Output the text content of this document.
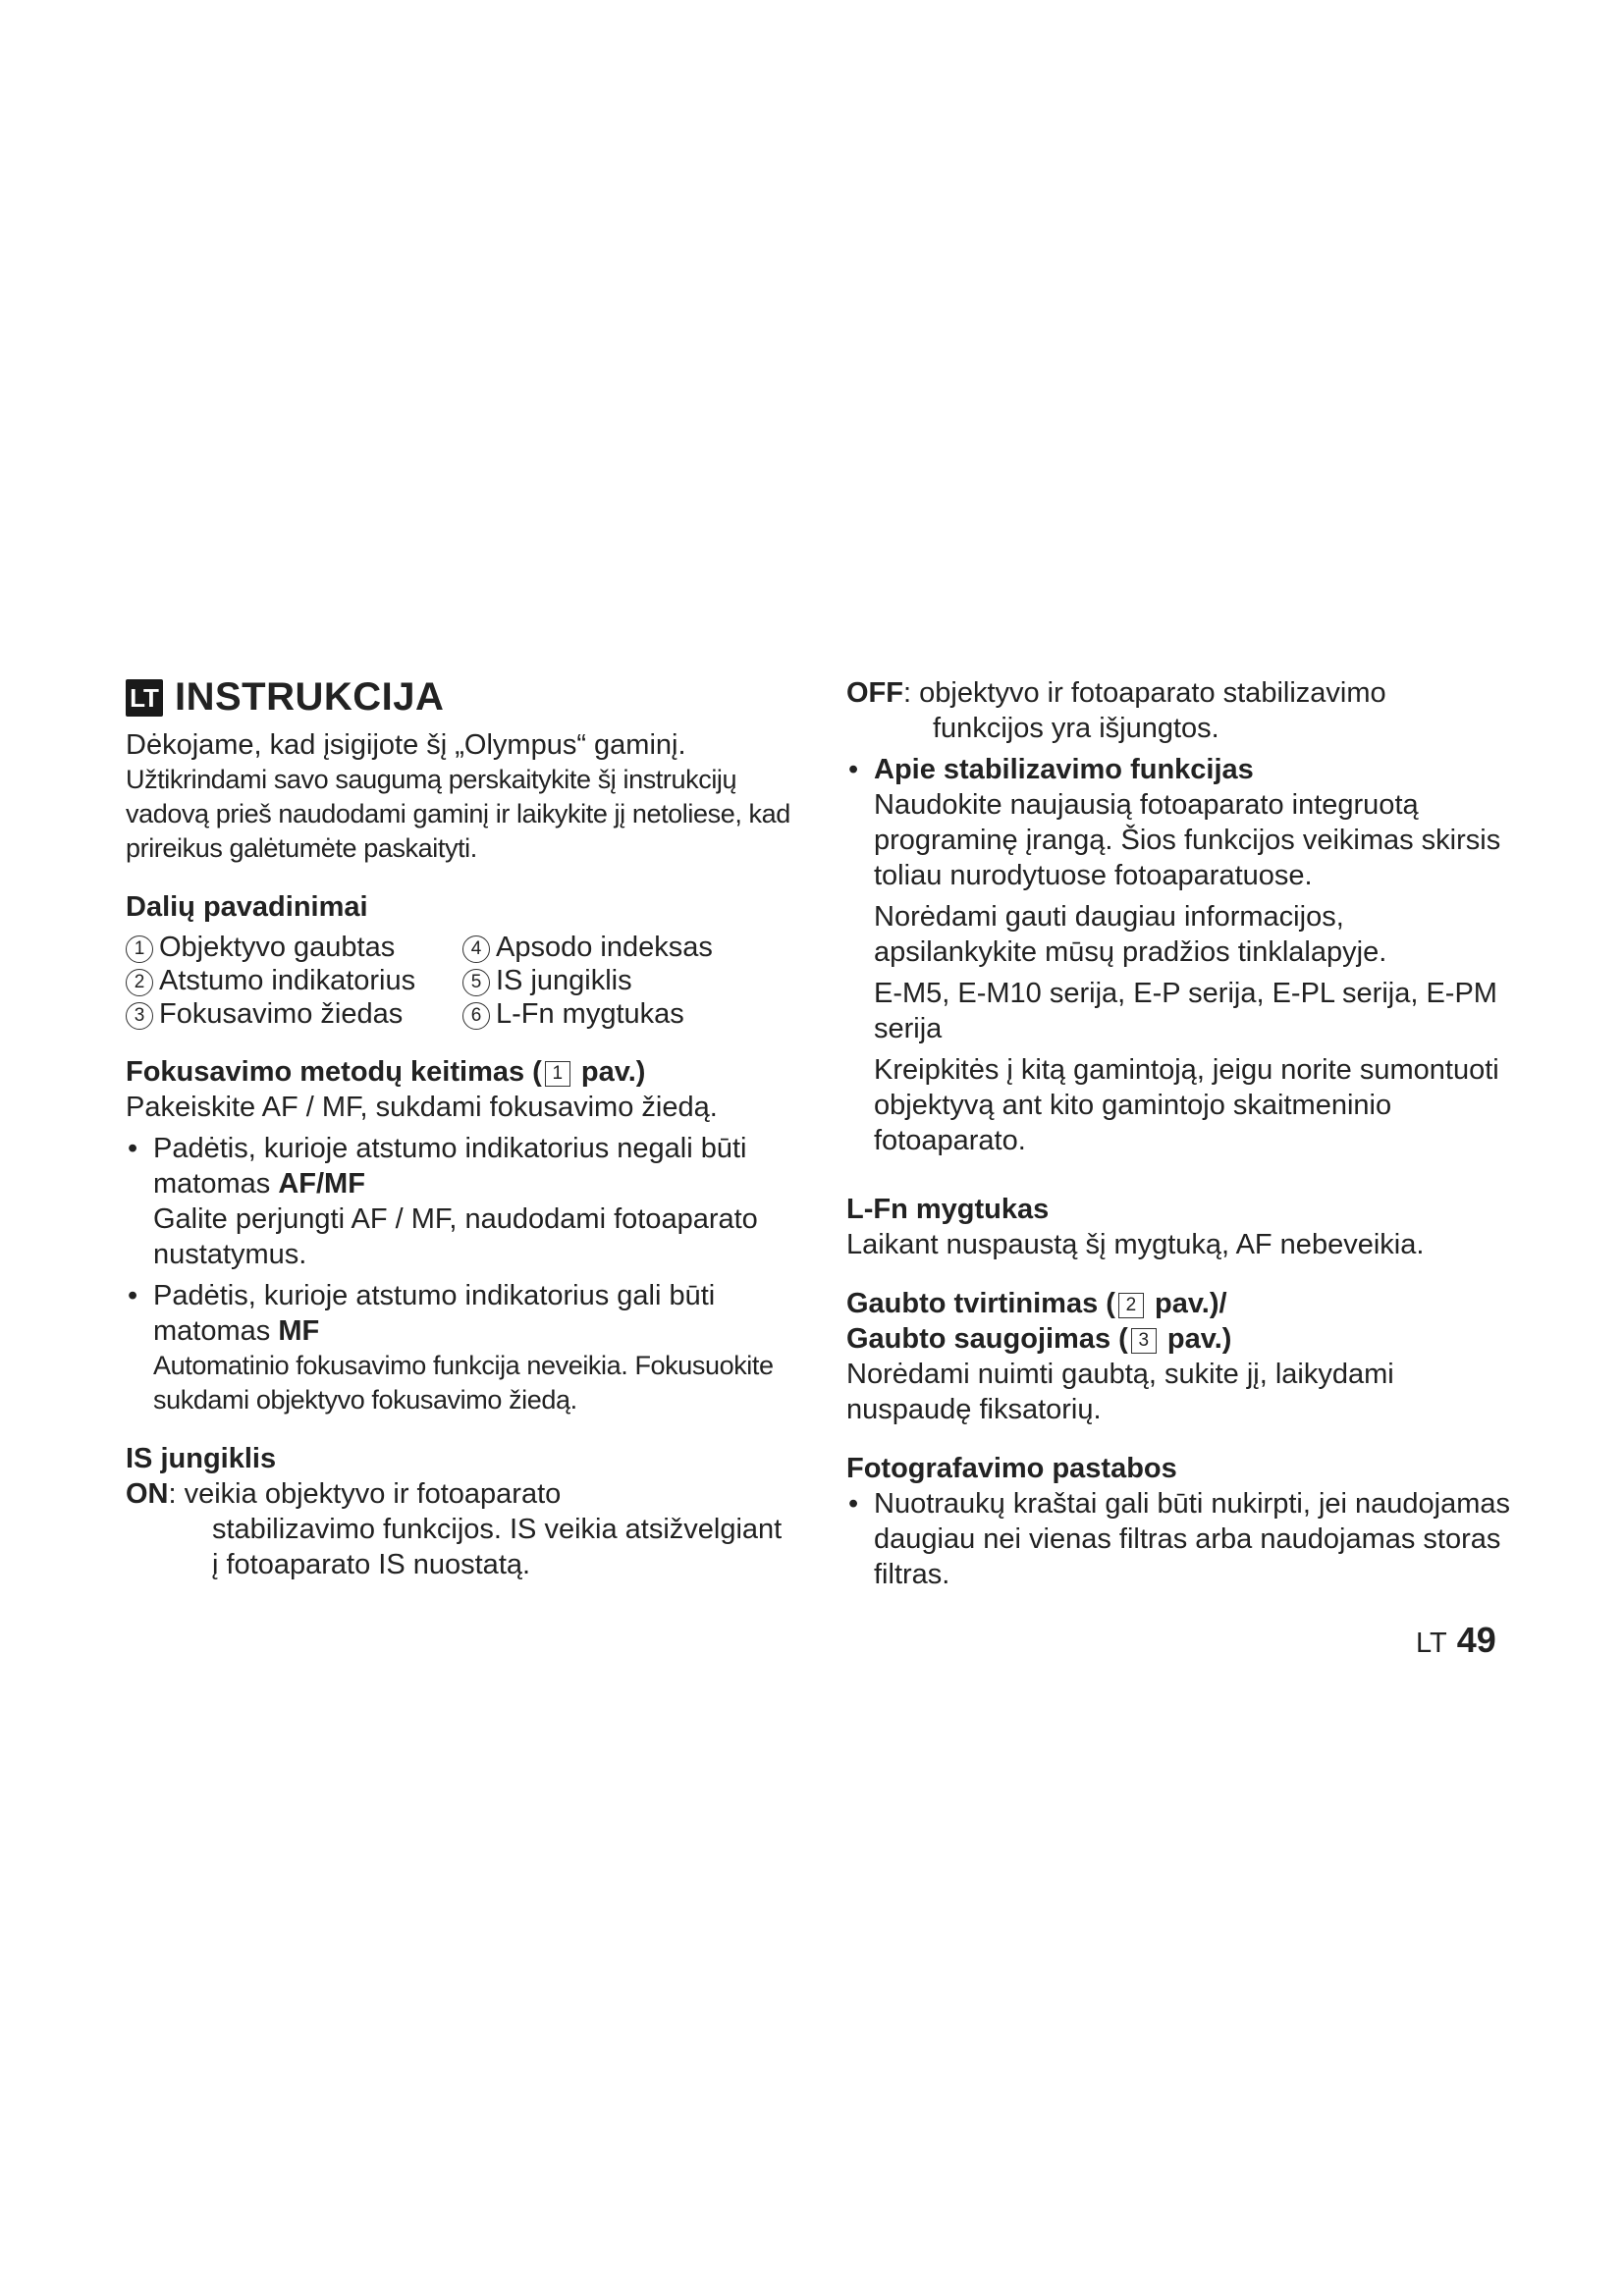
LT INSTRUKCIJA

Dėkojame, kad įsigijote šį „Olympus“ gaminį.

Užtikrindami savo saugumą perskaitykite šį instrukcijų vadovą prieš naudodami gaminį ir laikykite jį netoliese, kad prireikus galėtumėte paskaityti.

Dalių pavadinimai

1 Objektyvo gaubtas	4 Apsodo indeksas
2 Atstumo indikatorius	5 IS jungiklis
3 Fokusavimo žiedas	6 L-Fn mygtukas

Fokusavimo metodų keitimas ( 1 pav.)

Pakeiskite AF / MF, sukdami fokusavimo žiedą.

• Padėtis, kurioje atstumo indikatorius negali būti matomas AF/MF

Galite perjungti AF / MF, naudodami fotoaparato nustatymus.

• Padėtis, kurioje atstumo indikatorius gali būti matomas MF

Automatinio fokusavimo funkcija neveikia. Fokusuokite sukdami objektyvo fokusavimo žiedą.

IS jungiklis

ON: veikia objektyvo ir fotoaparato

stabilizavimo funkcijos. IS veikia atsižvelgiant į fotoaparato IS nuostatą.

OFF: objektyvo ir fotoaparato stabilizavimo

funkcijos yra išjungtos.

• Apie stabilizavimo funkcijas

Naudokite naujausią fotoaparato integruotą programinę įrangą. Šios funkcijos veikimas skirsis toliau nurodytuose fotoaparatuose.

Norėdami gauti daugiau informacijos, apsilankykite mūsų pradžios tinklalapyje.

E-M5, E-M10 serija, E-P serija, E-PL serija, E-PM serija

Kreipkitės į kitą gamintoją, jeigu norite sumontuoti objektyvą ant kito gamintojo skaitmeninio fotoaparato.

L-Fn mygtukas

Laikant nuspaustą šį mygtuką, AF nebeveikia.

Gaubto tvirtinimas ( 2 pav.)/

Gaubto saugojimas ( 3 pav.)

Norėdami nuimti gaubtą, sukite jį, laikydami nuspaudę fiksatorių.

Fotografavimo pastabos

• Nuotraukų kraštai gali būti nukirpti, jei naudojamas daugiau nei vienas filtras arba naudojamas storas filtras.

LT 49
